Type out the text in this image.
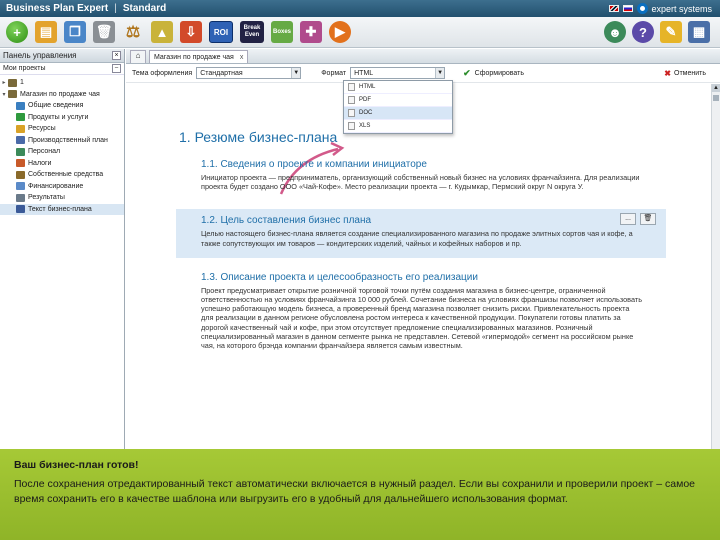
Business Plan Expert | Standard	expert systems
+	▤	❐	🗑 ⚖	▲	⇩	ROI	Break Even	Boxes	✚	▶	☻	?	✎	▦
Панель управления	×
Мои проекты	–
▸	1
▾	Магазин по продаже чая
Общие сведения
Продукты и услуги
Ресурсы
Производственный план
Персонал
Налоги
Собственные средства
Финансирование
Результаты
Текст бизнес-плана
⌂	Магазин по продаже чая x
Тема оформления Стандартная	▼	Формат HTML	▼ ✔ Сформировать	✖ Отменить
HTML
PDF
DOC
XLS
▲
1. Резюме бизнес-плана
1.1. Сведения о проекте и компании инициаторе
Инициатор проекта — предприниматель, организующий собственный новый бизнес на условиях франчайзинга. Для реализации проекта будет создано ООО «Чай-Кофе». Место реализации проекта — г. Кудымкар, Пермский округ N округа У.
...	🗑
1.2. Цель составления бизнес плана
Целью настоящего бизнес-плана является создание специализированного магазина по продаже элитных сортов чая и кофе, а также сопутствующих им товаров — кондитерских изделий, чайных и кофейных наборов и пр.
1.3. Описание проекта и целесообразность его реализации
Проект предусматривает открытие розничной торговой точки путём создания магазина в бизнес-центре, ограниченной ответственностью на условиях франчайзинга 10 000 рублей. Сочетание бизнеса на условиях франшизы позволяет использовать успешно работающую модель бизнеса, а проверенный бренд магазина позволяет снизить риски. Привлекательность проекта для реализации в данном регионе обусловлена ростом интереса к качественной продукции. Покупатели готовы платить за дорогой качественный чай и кофе, при этом отсутствует предложение специализированных магазинов. Розничный специализированный магазин в данном сегменте рынка не представлен. Сетевой «гипермодой» сегмент на российском рынке чая, на которого брэнда компании франчайзера является самым известным.
Ваш бизнес-план готов!
После сохранения отредактированный текст автоматически включается в нужный раздел. Если вы сохранили и проверили проект – самое время сохранить его в качестве шаблона или выгрузить его в удобный для дальнейшего использования формат.
